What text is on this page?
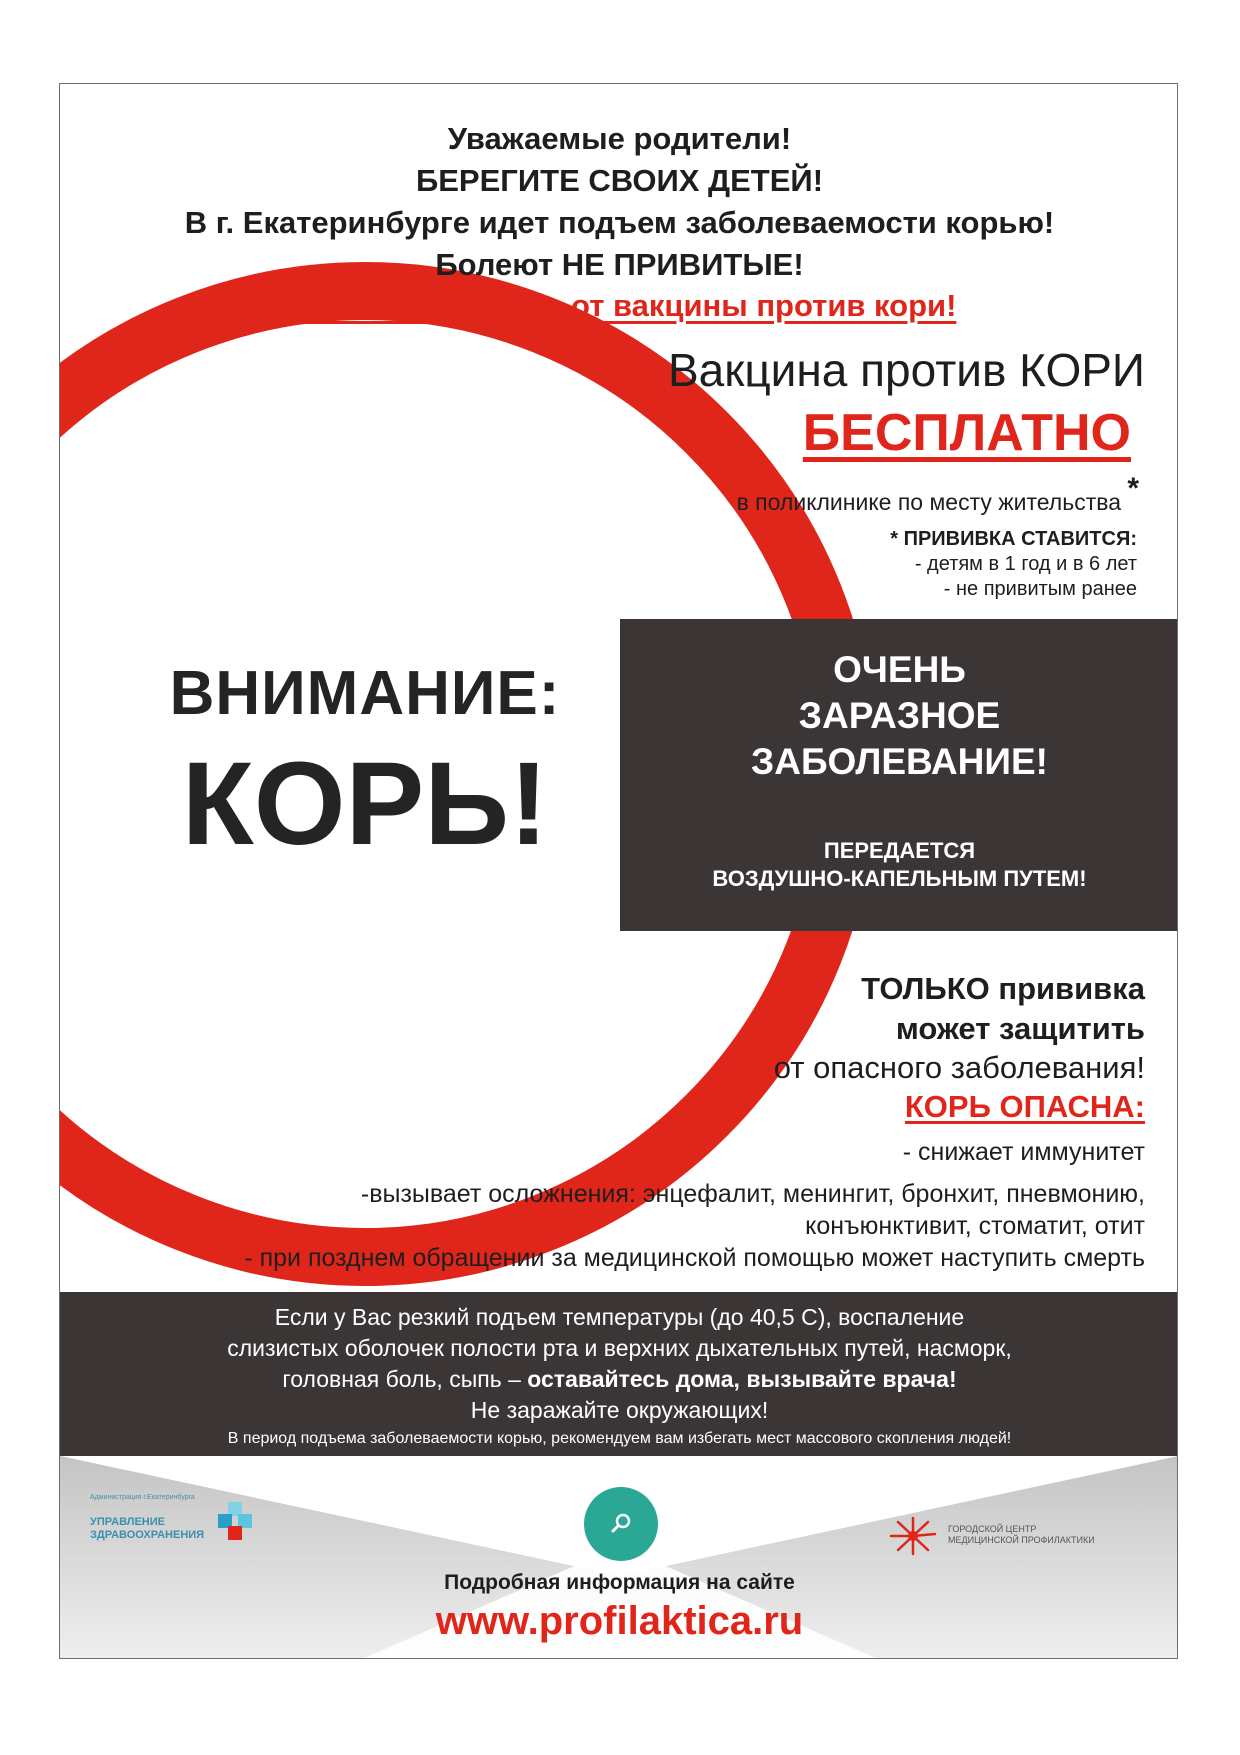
Уважаемые родители!
БЕРЕГИТЕ СВОИХ ДЕТЕЙ!
В г. Екатеринбурге идет подъем заболеваемости корью!
Болеют НЕ ПРИВИТЫЕ!
Не отказывайтесь от вакцины против кори!
Вакцина против КОРИ
БЕСПЛАТНО
в поликлинике по месту жительства *
* ПРИВИВКА СТАВИТСЯ:
- детям в 1 год и в 6 лет
- не привитым ранее
ОЧЕНЬ
ЗАРАЗНОЕ
ЗАБОЛЕВАНИЕ!
ПЕРЕДАЕТСЯ
ВОЗДУШНО-КАПЕЛЬНЫМ ПУТЕМ!
ВНИМАНИЕ:
КОРЬ!
ТОЛЬКО прививка
может защитить
от опасного заболевания!
КОРЬ ОПАСНА:
- снижает иммунитет
-вызывает осложнения: энцефалит, менингит, бронхит, пневмонию,
конъюнктивит, стоматит, отит
- при позднем обращении за медицинской помощью может наступить смерть
Если у Вас резкий подъем температуры (до 40,5 С), воспаление
слизистых оболочек полости рта и верхних дыхательных путей, насморк,
головная боль, сыпь – оставайтесь дома, вызывайте врача!
Не заражайте окружающих!
В период подъема заболеваемости корью, рекомендуем вам избегать мест массового скопления людей!
Администрация г.Екатеринбурга
УПРАВЛЕНИЕ
ЗДРАВООХРАНЕНИЯ	ГОРОДСКОЙ ЦЕНТР
МЕДИЦИНСКОЙ ПРОФИЛАКТИКИ
Подробная информация на сайте
www.profilaktica.ru
